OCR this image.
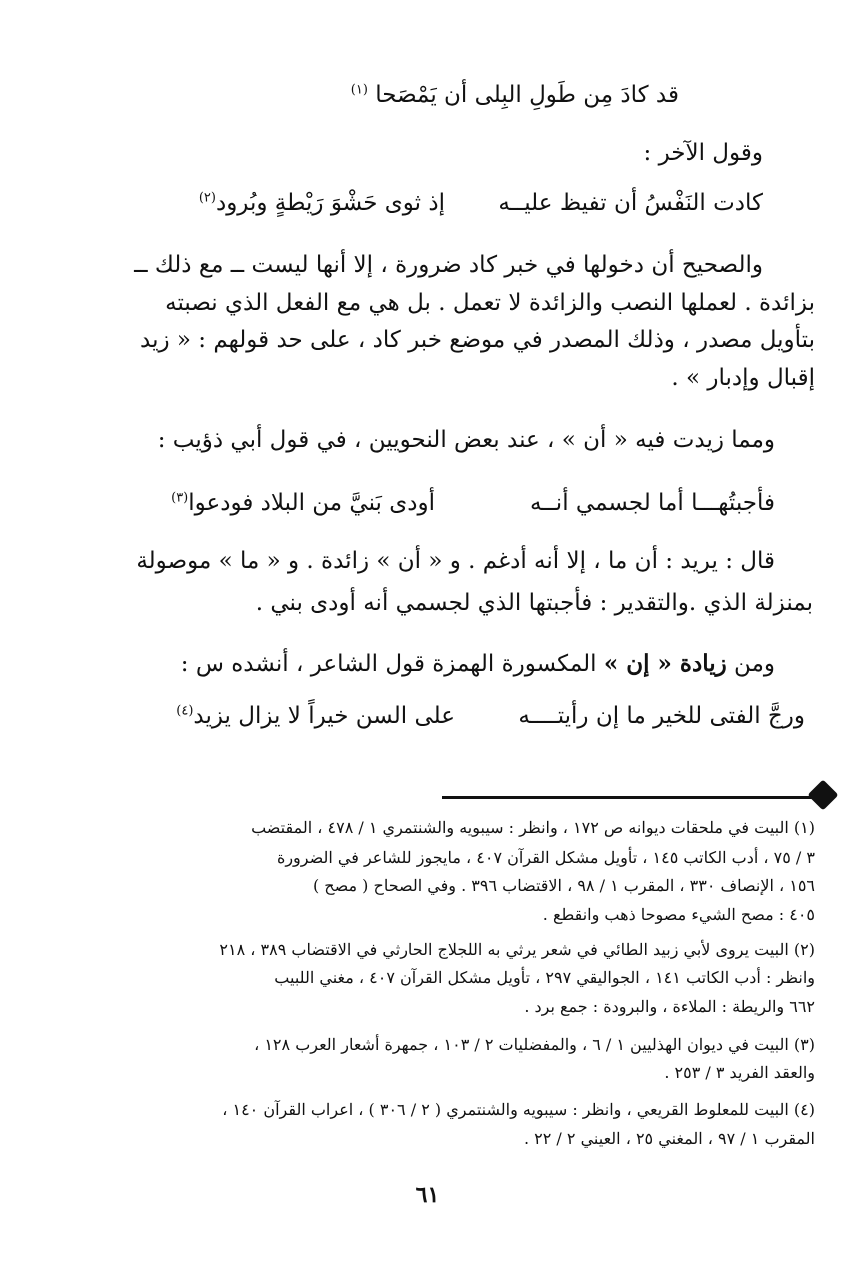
قد كادَ مِن طَولِ البِلى أن يَمْصَحا $^{(١)}$
وقول الآخر :
كادت النَفْسُ أن تفيظ عليــه
إذ ثوى حَشْوَ رَيْطةٍ وبُرود$^{(٢)}$
والصحيح أن دخولها في خبر كاد ضرورة ، إلا أنها ليست ــ مع ذلك ــ
بزائدة . لعملها النصب والزائدة لا تعمل . بل هي مع الفعل الذي نصبته
بتأويل مصدر ، وذلك المصدر في موضع خبر كاد ، على حد قولهم : « زيد
إقبال وإدبار » .
ومما زيدت فيه « أن » ، عند بعض النحويين ، في قول أبي ذؤيب :
فأجبتُهـــا أما لجسمي أنــه
أودى بَنيَّ من البلاد فودعوا$^{(٣)}$
قال : يريد : أن ما ، إلا أنه أدغم . و « أن » زائدة . و « ما » موصولة
بمنزلة الذي .والتقدير : فأجبتها الذي لجسمي أنه أودى بني .
ومن زيادة « إن » المكسورة الهمزة قول الشاعر ، أنشده س :
ورجَّ الفتى للخير ما إن رأيتــــه
على السن خيراً لا يزال يزيد$^{(٤)}$
(١) البيت في ملحقات ديوانه ص ١٧٢ ، وانظر : سيبويه والشنتمري ١ / ٤٧٨ ، المقتضب
٣ / ٧٥ ، أدب الكاتب ١٤٥ ، تأويل مشكل القرآن ٤٠٧ ، مايجوز للشاعر في الضرورة
١٥٦ ، الإنصاف ٣٣٠ ، المقرب ١ / ٩٨ ، الاقتضاب ٣٩٦ . وفي الصحاح ( مصح )
٤٠٥ : مصح الشيء مصوحا ذهب وانقطع .
(٢) البيت يروى لأبي زبيد الطائي في شعر يرثي به اللجلاج الحارثي في الاقتضاب ٣٨٩ ، ٢١٨
وانظر : أدب الكاتب ١٤١ ، الجواليقي ٢٩٧ ، تأويل مشكل القرآن ٤٠٧ ، مغني اللبيب
٦٦٢ والريطة : الملاءة ، والبرودة : جمع برد .
(٣) البيت في ديوان الهذليين ١ / ٦ ، والمفضليات ٢ / ١٠٣ ، جمهرة أشعار العرب ١٢٨ ،
والعقد الفريد ٣ / ٢٥٣ .
(٤) البيت للمعلوط القريعي ، وانظر : سيبويه والشنتمري ( ٢ / ٣٠٦ ) ، اعراب القرآن ١٤٠ ،
المقرب ١ / ٩٧ ، المغني ٢٥ ، العيني ٢ / ٢٢ .
٦١
